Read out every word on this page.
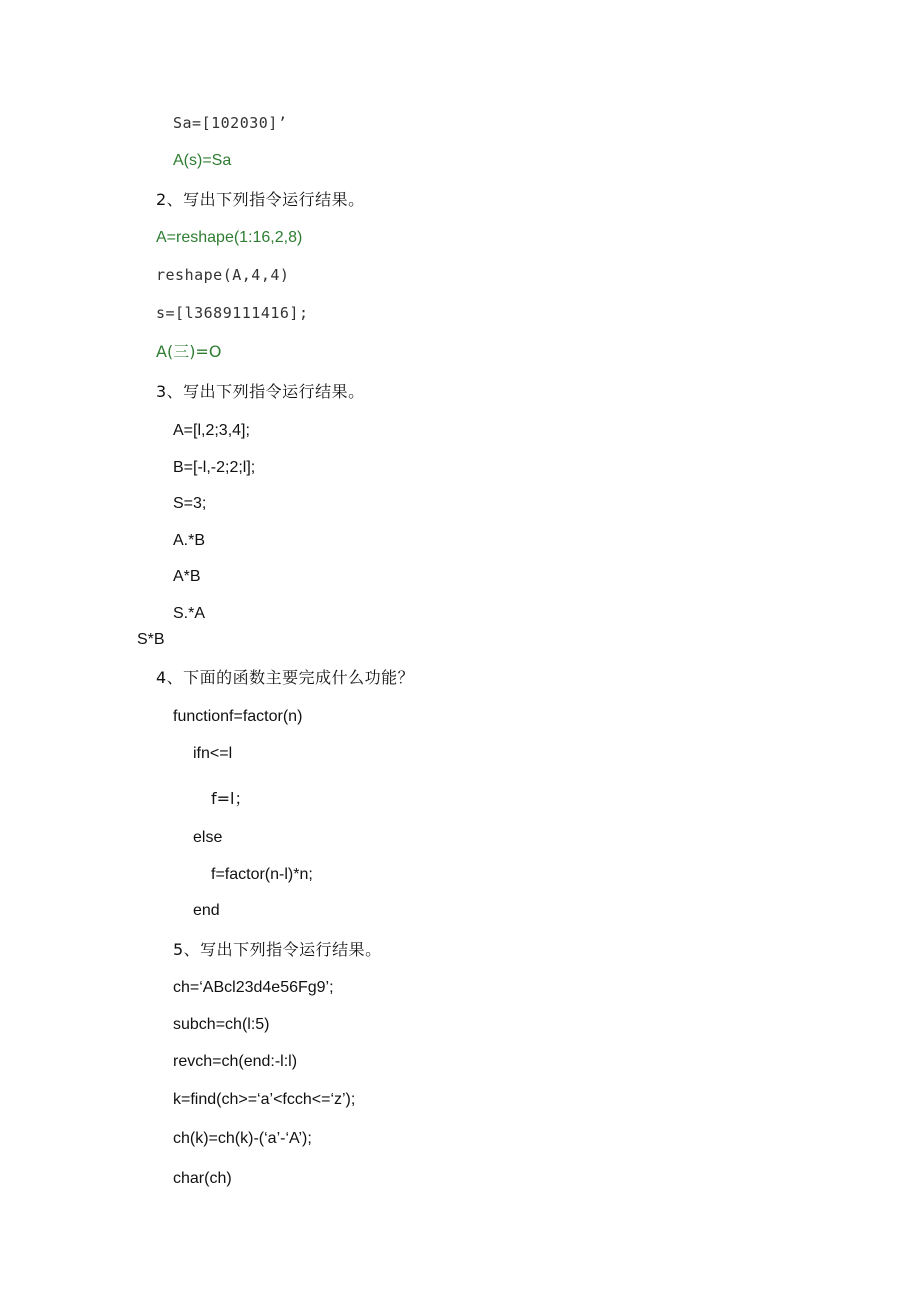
Sa=[102030]’
A(s)=Sa
2、写出下列指令运行结果。
A=reshape(1:16,2,8)
reshape(A,4,4)
s=[l3689111416];
A(三)=O
3、写出下列指令运行结果。
A=[l,2;3,4];
B=[-l,-2;2;l];
S=3;
A.*B
A*B
S.*A
S*B
4、下面的函数主要完成什么功能？
functionf=factor(n)
ifn<=l
f=l；
else
f=factor(n-l)*n;
end
5、写出下列指令运行结果。
ch=‘ABcl23d4e56Fg9’;
subch=ch(l:5)
revch=ch(end:-l:l)
k=find(ch>=‘a’<fcch<=‘z’);
ch(k)=ch(k)-(‘a’-‘A’);
char(ch)
